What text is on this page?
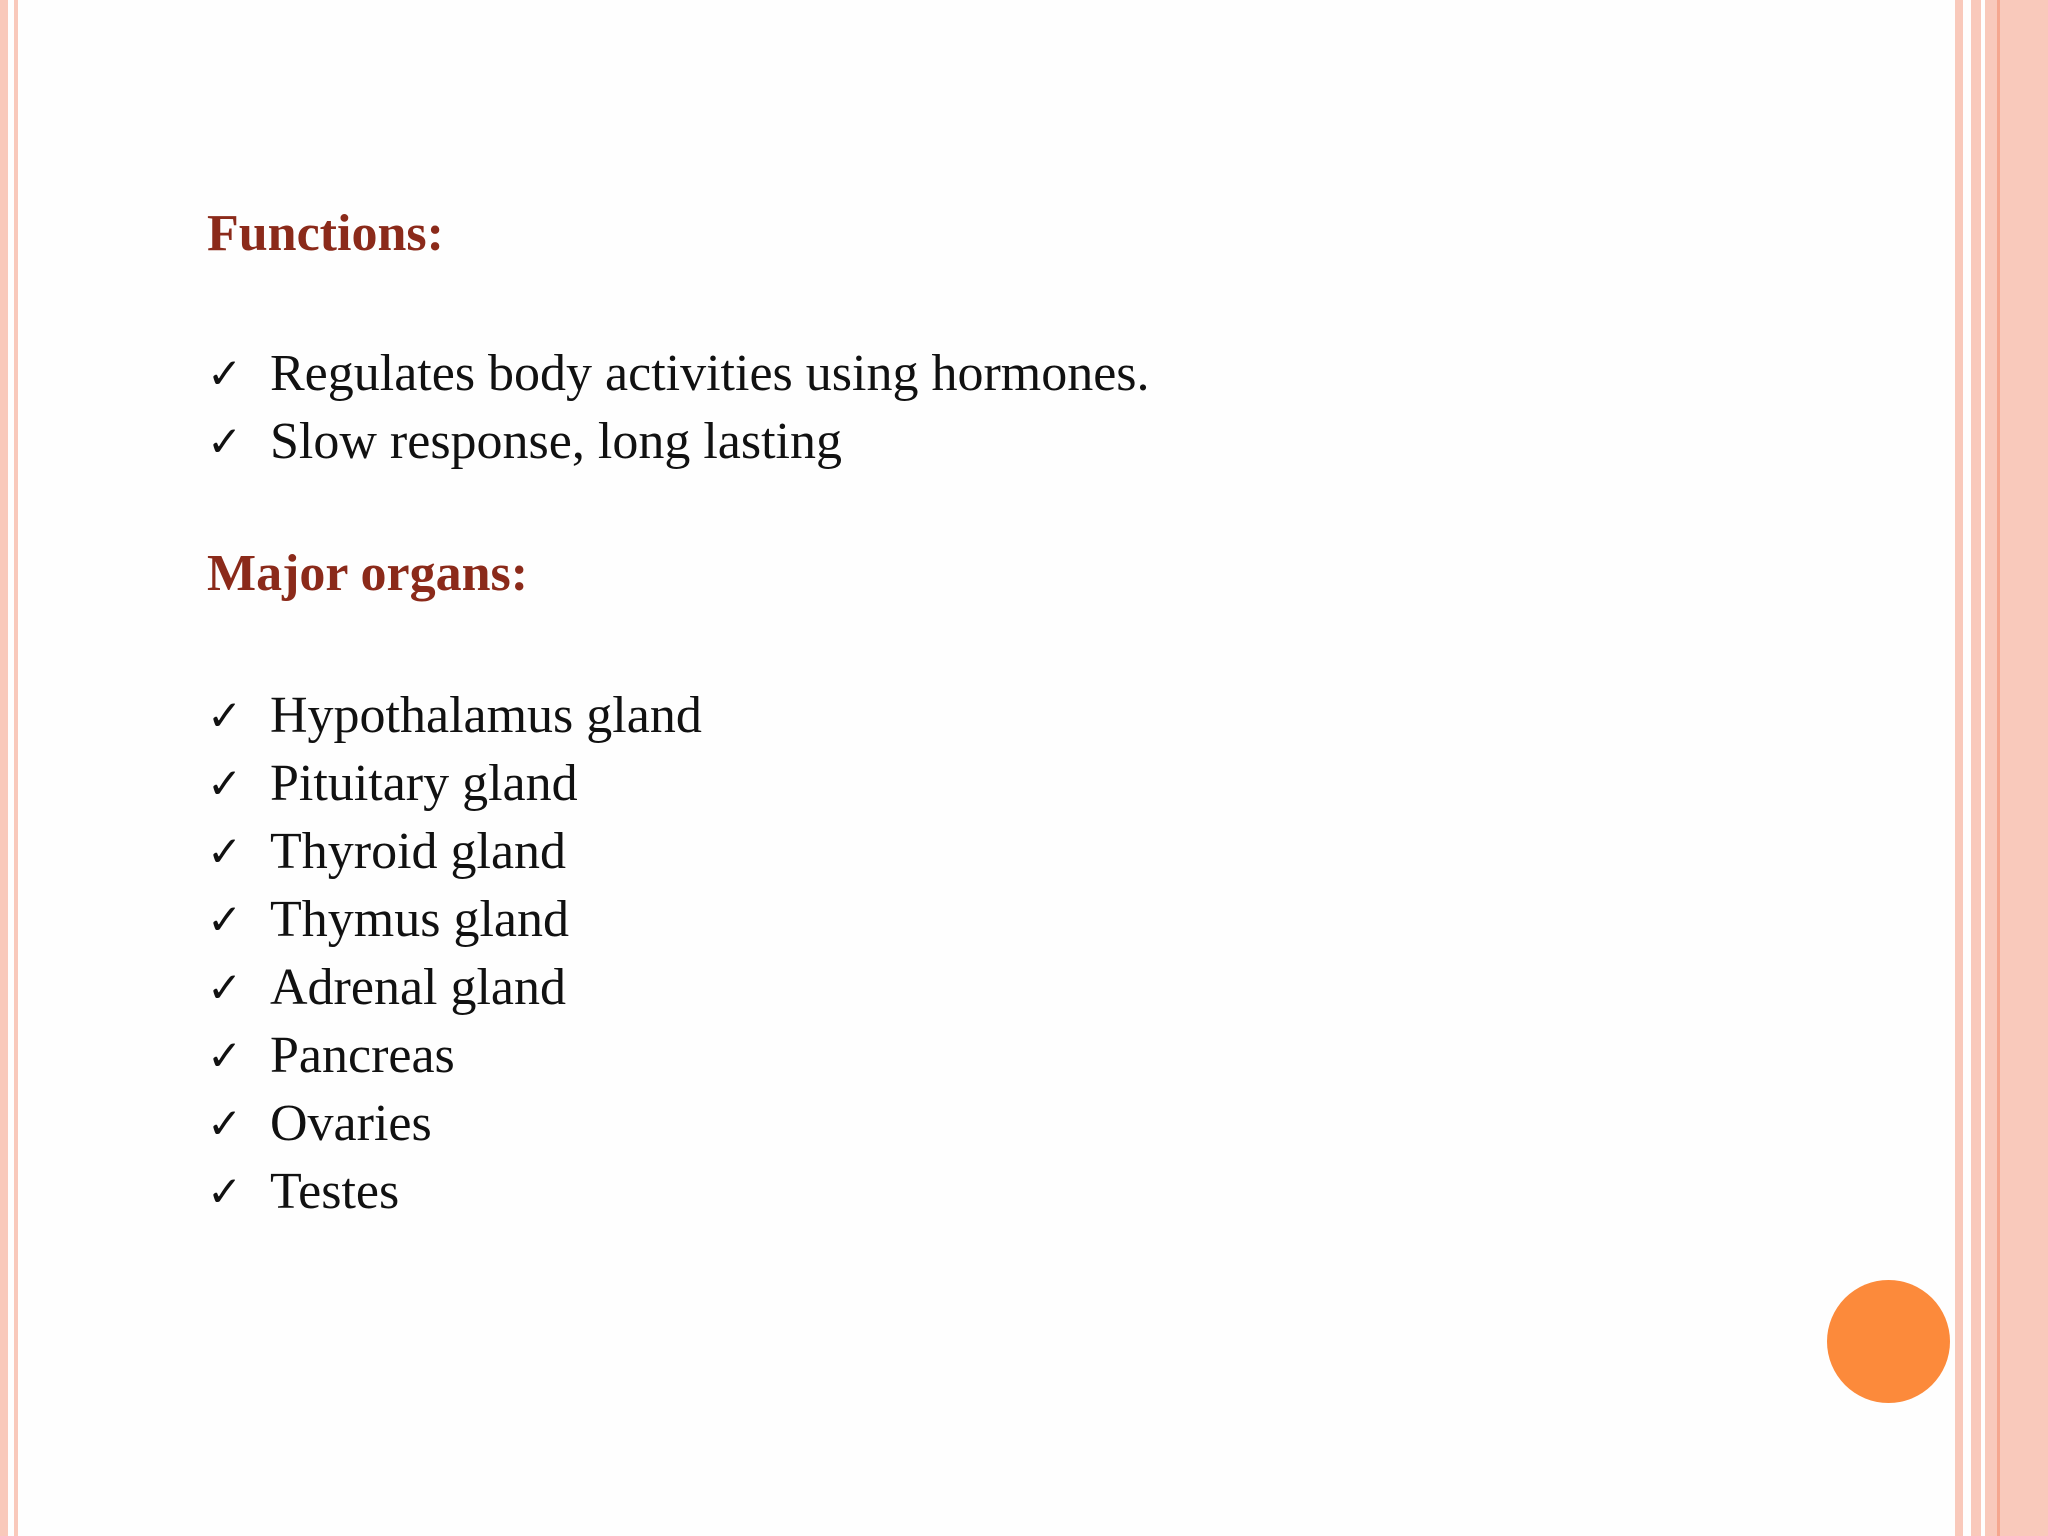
Functions:
✓ Regulates body activities using hormones.
✓ Slow response, long lasting
Major organs:
✓ Hypothalamus gland
✓ Pituitary gland
✓ Thyroid gland
✓ Thymus gland
✓ Adrenal gland
✓ Pancreas
✓ Ovaries
✓ Testes
